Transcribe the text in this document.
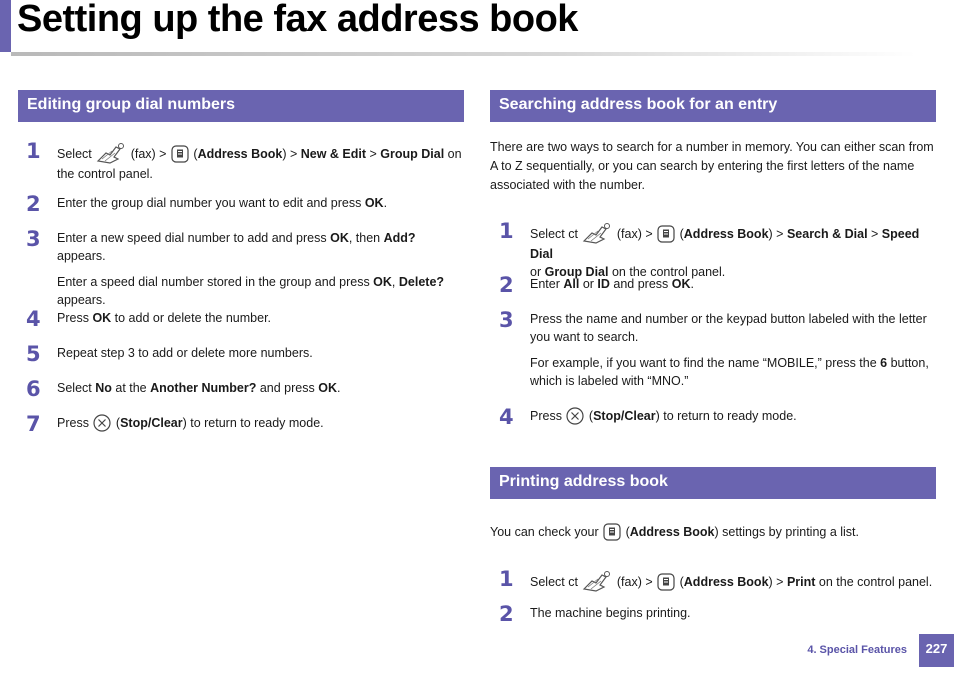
Setting up the fax address book
Editing group dial numbers
1	Select	(fax) >  (Address Book) > New & Edit > Group Dial on
the control panel.
2	Enter the group dial number you want to edit and press OK.
3	Enter a new speed dial number to add and press OK, then Add? appears.
Enter a speed dial number stored in the group and press OK, Delete?
appears.
4	Press OK to add or delete the number.
5	Repeat step 3 to add or delete more numbers.
6	Select No at the Another Number? and press OK.
7	Press  (Stop/Clear) to return to ready mode.
Searching address book for an entry
There are two ways to search for a number in memory. You can either scan from
A to Z sequentially, or you can search by entering the first letters of the name
associated with the number.
1	Select ct	(fax) >  (Address Book) > Search & Dial > Speed Dial
or Group Dial on the control panel.
2	Enter All or ID and press OK.
3	Press the name and number or the keypad button labeled with the letter
you want to search.
For example, if you want to find the name “MOBILE,” press the 6 button,
which is labeled with “MNO.”
4	Press  (Stop/Clear) to return to ready mode.
Printing address book
You can check your  (Address Book) settings by printing a list.
1	Select ct	(fax) >  (Address Book) > Print on the control panel.
2	The machine begins printing.
4. Special Features	227
